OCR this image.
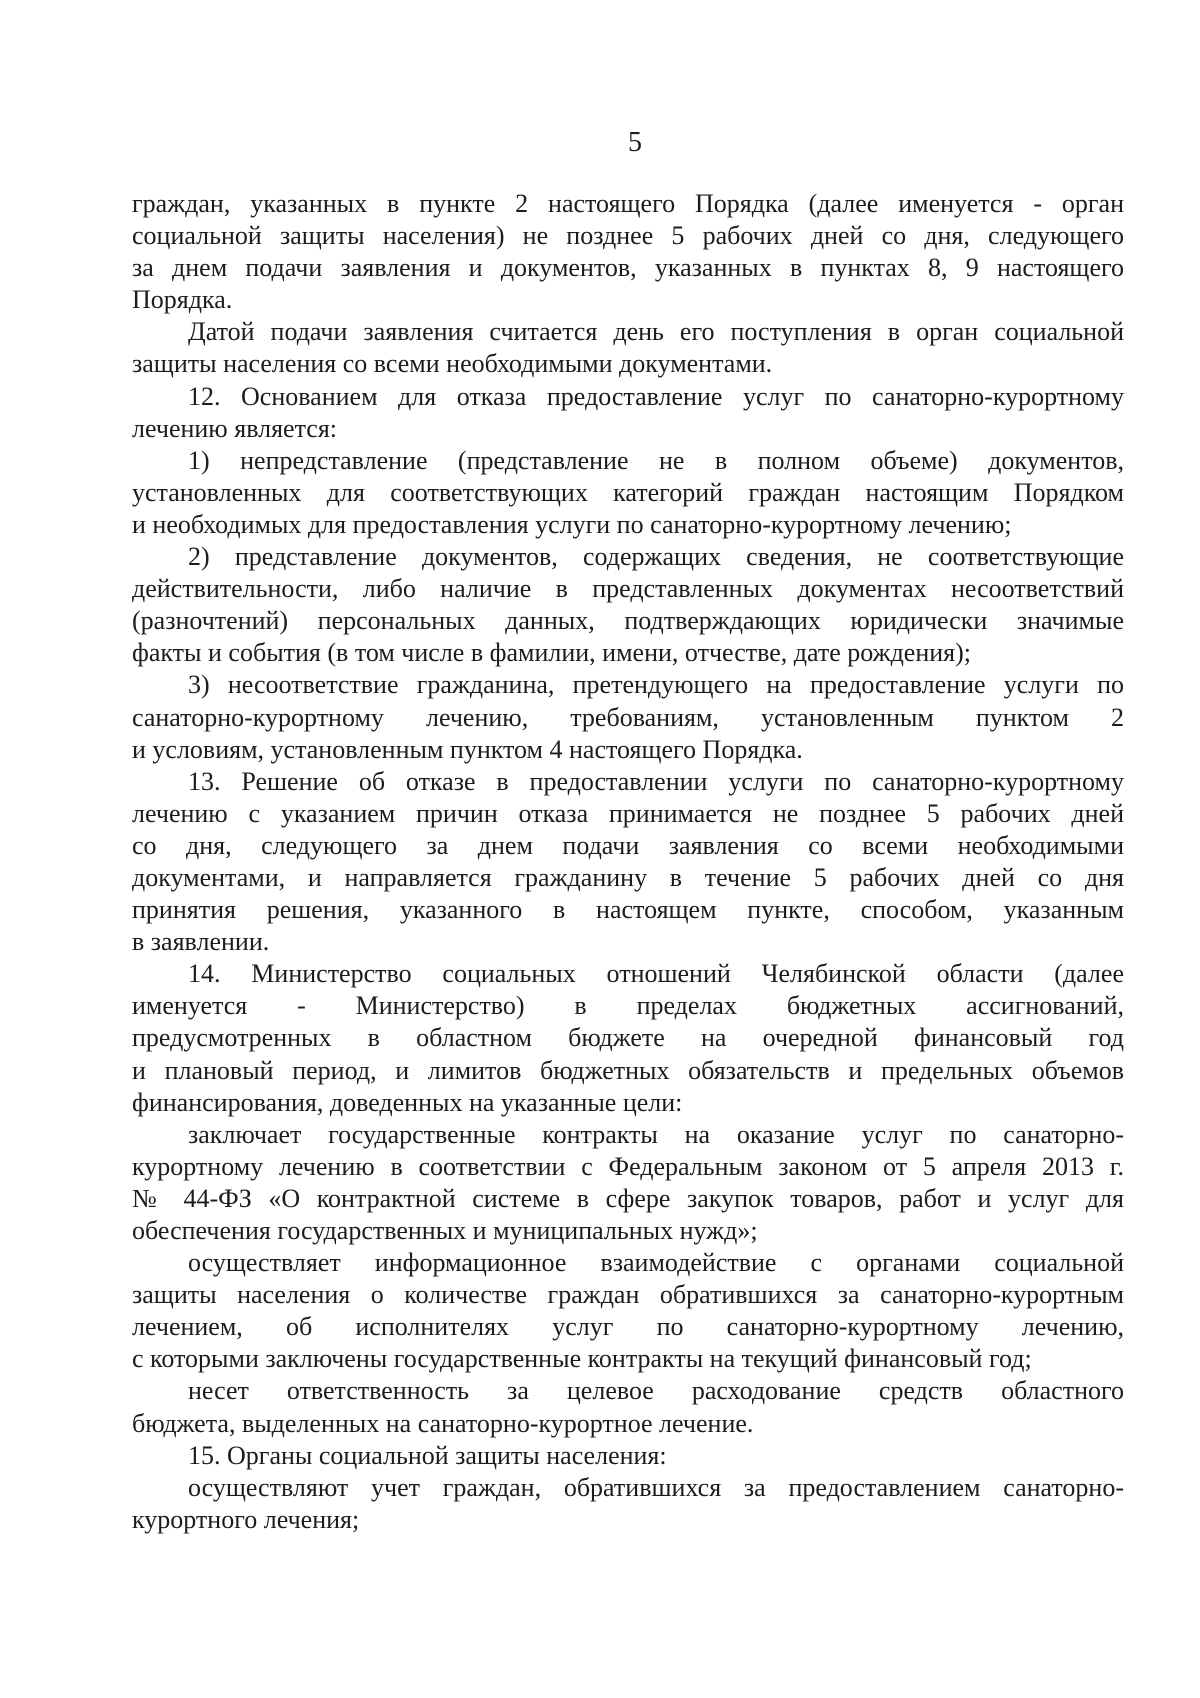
5
граждан, указанных в пункте 2 настоящего Порядка (далее именуется - орган
социальной защиты населения) не позднее 5 рабочих дней со дня, следующего
за днем подачи заявления и документов, указанных в пунктах 8, 9 настоящего
Порядка.
Датой подачи заявления считается день его поступления в орган социальной
защиты населения со всеми необходимыми документами.
12. Основанием для отказа предоставление услуг по санаторно-курортному
лечению является:
1) непредставление (представление не в полном объеме) документов,
установленных для соответствующих категорий граждан настоящим Порядком
и необходимых для предоставления услуги по санаторно-курортному лечению;
2) представление документов, содержащих сведения, не соответствующие
действительности, либо наличие в представленных документах несоответствий
(разночтений) персональных данных, подтверждающих юридически значимые
факты и события (в том числе в фамилии, имени, отчестве, дате рождения);
3) несоответствие гражданина, претендующего на предоставление услуги по
санаторно-курортному лечению, требованиям, установленным пунктом 2
и условиям, установленным пунктом 4 настоящего Порядка.
13. Решение об отказе в предоставлении услуги по санаторно-курортному
лечению с указанием причин отказа принимается не позднее 5 рабочих дней
со дня, следующего за днем подачи заявления со всеми необходимыми
документами, и направляется гражданину в течение 5 рабочих дней со дня
принятия решения, указанного в настоящем пункте, способом, указанным
в заявлении.
14. Министерство социальных отношений Челябинской области (далее
именуется - Министерство) в пределах бюджетных ассигнований,
предусмотренных в областном бюджете на очередной финансовый год
и плановый период, и лимитов бюджетных обязательств и предельных объемов
финансирования, доведенных на указанные цели:
заключает государственные контракты на оказание услуг по санаторно-
курортному лечению в соответствии с Федеральным законом от 5 апреля 2013 г.
№ 44-ФЗ «О контрактной системе в сфере закупок товаров, работ и услуг для
обеспечения государственных и муниципальных нужд»;
осуществляет информационное взаимодействие с органами социальной
защиты населения о количестве граждан обратившихся за санаторно-курортным
лечением, об исполнителях услуг по санаторно-курортному лечению,
с которыми заключены государственные контракты на текущий финансовый год;
несет ответственность за целевое расходование средств областного
бюджета, выделенных на санаторно-курортное лечение.
15. Органы социальной защиты населения:
осуществляют учет граждан, обратившихся за предоставлением санаторно-
курортного лечения;
